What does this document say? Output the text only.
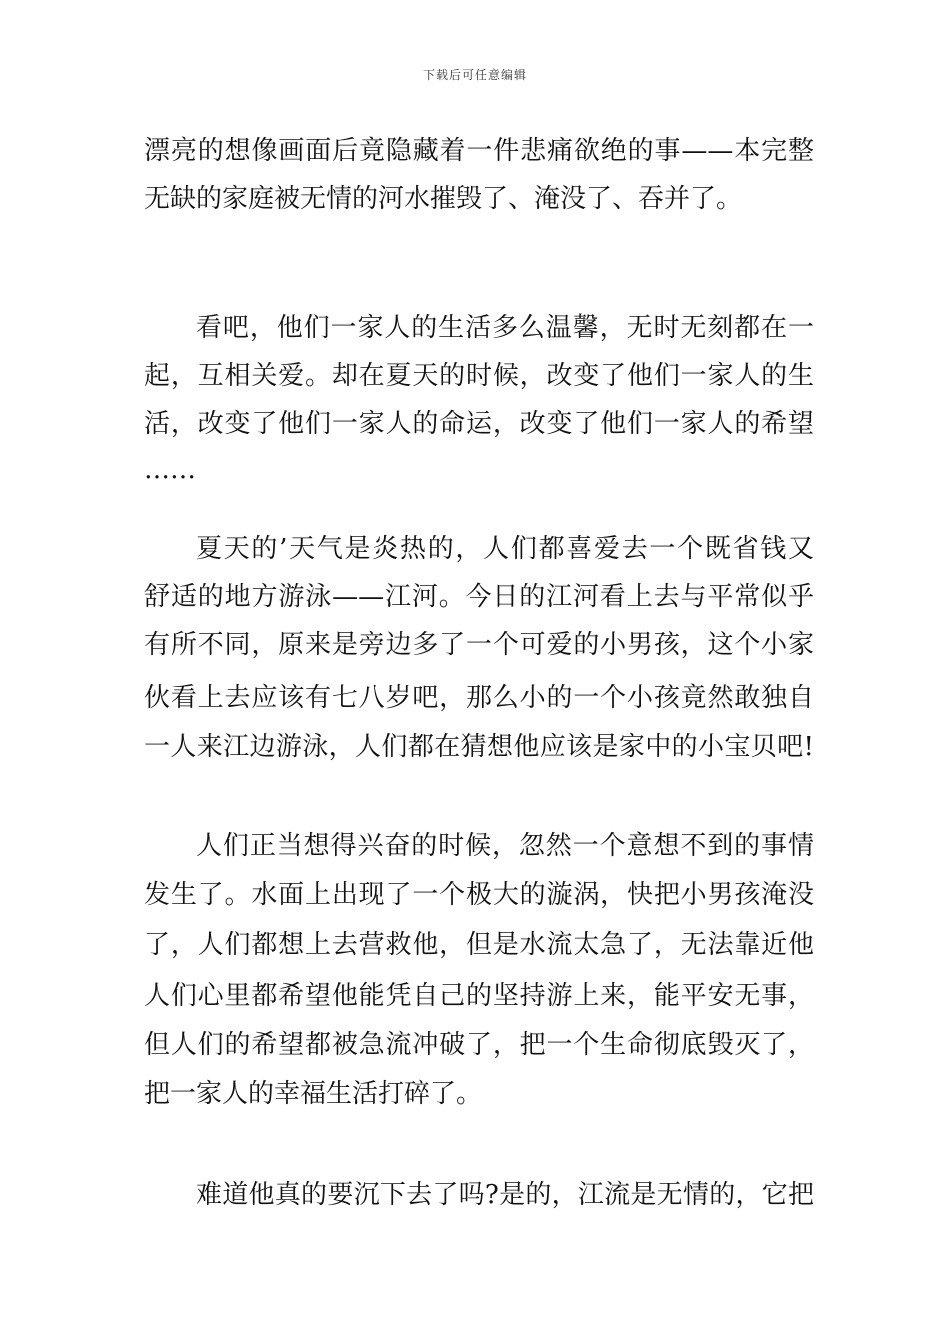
下载后可任意编辑
漂亮的想像画面后竟隐藏着一件悲痛欲绝的事——本完整
无缺的家庭被无情的河水摧毁了、淹没了、吞并了。
看吧，他们一家人的生活多么温馨，无时无刻都在一
起，互相关爱。却在夏天的时候，改变了他们一家人的生
活，改变了他们一家人的命运，改变了他们一家人的希望
……
夏天的’天气是炎热的，人们都喜爱去一个既省钱又
舒适的地方游泳——江河。今日的江河看上去与平常似乎
有所不同，原来是旁边多了一个可爱的小男孩，这个小家
伙看上去应该有七八岁吧，那么小的一个小孩竟然敢独自
一人来江边游泳，人们都在猜想他应该是家中的小宝贝吧!
人们正当想得兴奋的时候，忽然一个意想不到的事情
发生了。水面上出现了一个极大的漩涡，快把小男孩淹没
了，人们都想上去营救他，但是水流太急了，无法靠近他
人们心里都希望他能凭自己的坚持游上来，能平安无事，
但人们的希望都被急流冲破了，把一个生命彻底毁灭了，
把一家人的幸福生活打碎了。
难道他真的要沉下去了吗?是的，江流是无情的，它把
